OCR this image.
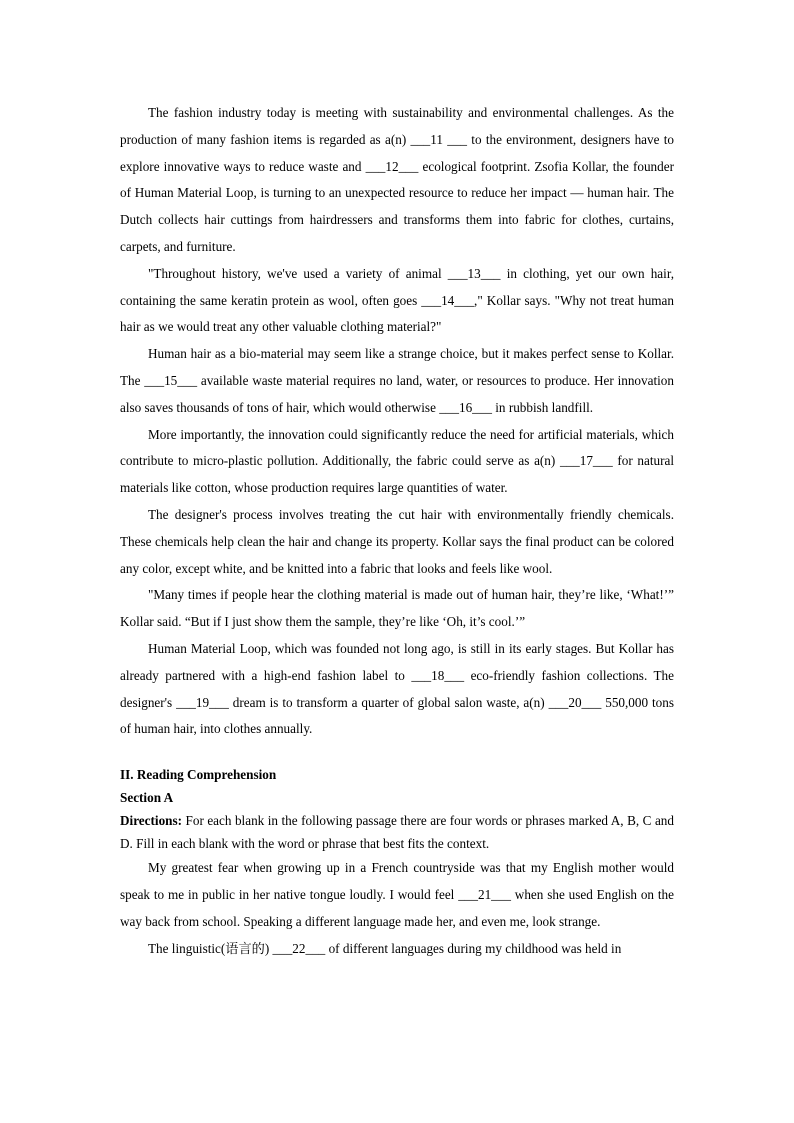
The fashion industry today is meeting with sustainability and environmental challenges. As the production of many fashion items is regarded as a(n) ___11 ___ to the environment, designers have to explore innovative ways to reduce waste and ___12___ ecological footprint. Zsofia Kollar, the founder of Human Material Loop, is turning to an unexpected resource to reduce her impact — human hair. The Dutch collects hair cuttings from hairdressers and transforms them into fabric for clothes, curtains, carpets, and furniture.

"Throughout history, we've used a variety of animal ___13___ in clothing, yet our own hair, containing the same keratin protein as wool, often goes ___14___," Kollar says. "Why not treat human hair as we would treat any other valuable clothing material?"

Human hair as a bio-material may seem like a strange choice, but it makes perfect sense to Kollar. The ___15___ available waste material requires no land, water, or resources to produce. Her innovation also saves thousands of tons of hair, which would otherwise ___16___ in rubbish landfill.

More importantly, the innovation could significantly reduce the need for artificial materials, which contribute to micro-plastic pollution. Additionally, the fabric could serve as a(n) ___17___ for natural materials like cotton, whose production requires large quantities of water.

The designer's process involves treating the cut hair with environmentally friendly chemicals. These chemicals help clean the hair and change its property. Kollar says the final product can be colored any color, except white, and be knitted into a fabric that looks and feels like wool.

"Many times if people hear the clothing material is made out of human hair, they’re like, ‘What!’” Kollar said. “But if I just show them the sample, they’re like ‘Oh, it’s cool.’”

Human Material Loop, which was founded not long ago, is still in its early stages. But Kollar has already partnered with a high-end fashion label to ___18___ eco-friendly fashion collections. The designer's ___19___ dream is to transform a quarter of global salon waste, a(n) ___20___ 550,000 tons of human hair, into clothes annually.

II. Reading Comprehension

Section A

Directions: For each blank in the following passage there are four words or phrases marked A, B, C and D. Fill in each blank with the word or phrase that best fits the context.

My greatest fear when growing up in a French countryside was that my English mother would speak to me in public in her native tongue loudly. I would feel ___21___ when she used English on the way back from school. Speaking a different language made her, and even me, look strange.

The linguistic(语言的) ___22___ of different languages during my childhood was held in
